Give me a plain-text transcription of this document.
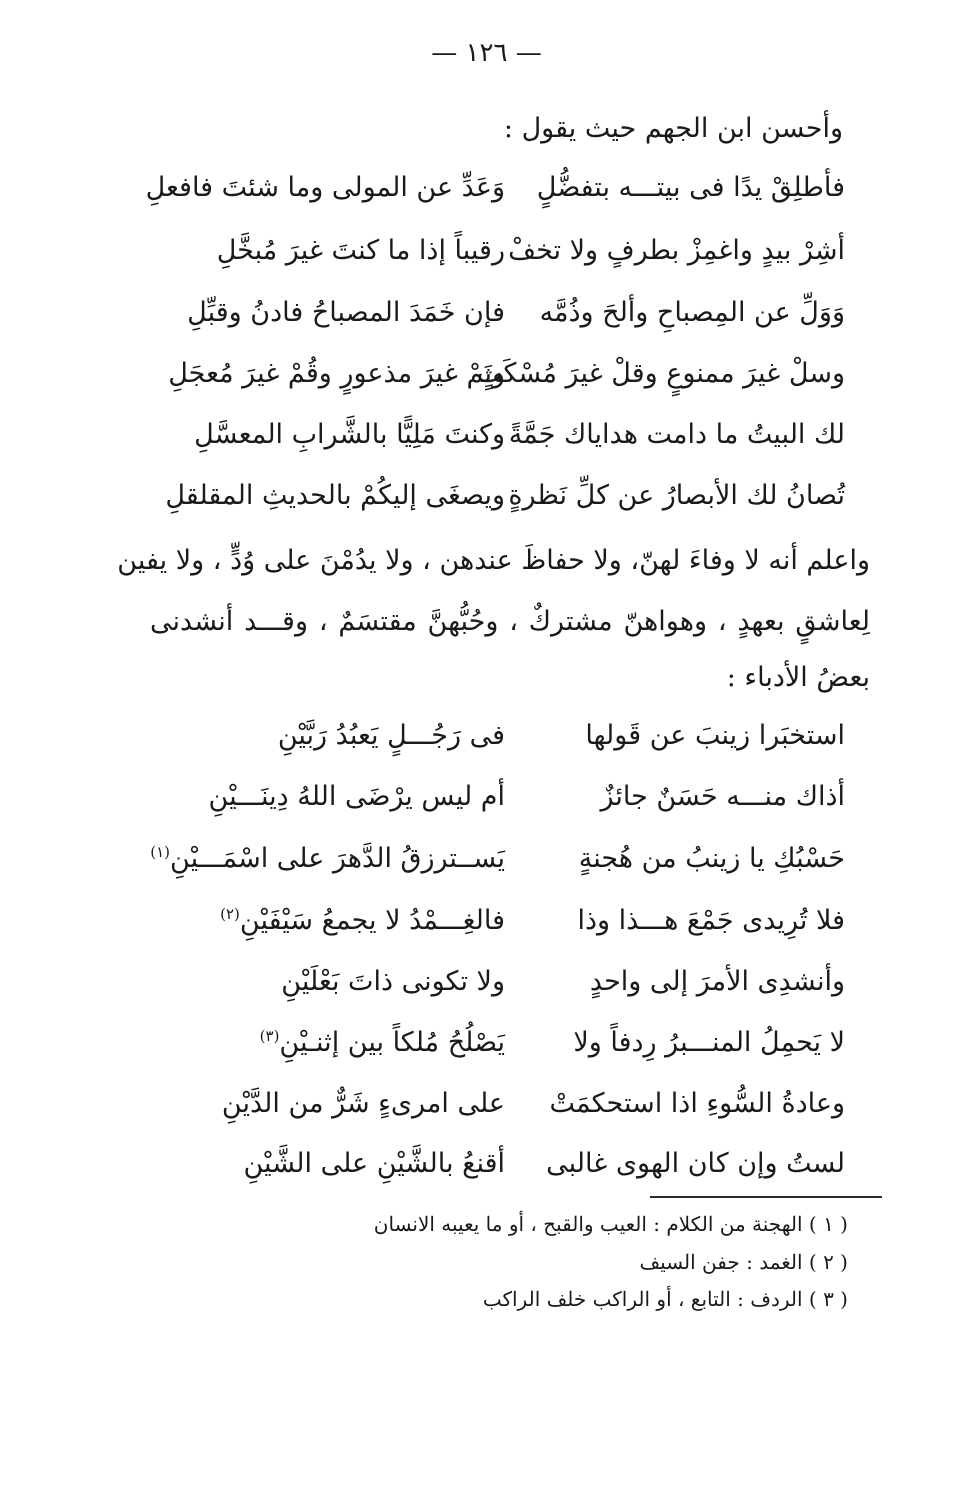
— ١٢٦ —
وأحسن ابن الجهم حيث يقول :
فأطلِقْ يدًا فى بيتـــه بتفضُّلٍ
وَعَدِّ عن المولى وما شئتَ فافعلِ
أشِرْ بيدٍ واغمِزْ بطرفٍ ولا تخفْ
رقيباً إذا ما كنتَ غيرَ مُبخَّلِ
وَوَلِّ عن المِصباحِ وألحَ وذُمَّه
فإن خَمَدَ المصباحُ فادنُ وقبِّلِ
وسلْ غيرَ ممنوعٍ وقلْ غيرَ مُسْكَتٍ
ونَمْ غيرَ مذعورٍ وقُمْ غيرَ مُعجَلِ
لك البيتُ ما دامت هداياك جَمَّةً
وكنتَ مَلِيًّا بالشَّرابِ المعسَّلِ
تُصانُ لك الأبصارُ عن كلِّ نَظرةٍ
ويصغَى إليكُمْ بالحديثِ المقلقلِ
واعلم أنه لا وفاءَ لهنّ، ولا حفاظَ عندهن ، ولا يدُمْنَ على وُدٍّ ، ولا يفين
لِعاشقٍ بعهدٍ ، وهواهنّ مشتركٌ ، وحُبُّهنَّ مقتسَمٌ ، وقـــد أنشدنى
بعضُ الأدباء :
استخبَرا زينبَ عن قَولها
فى رَجُـــلٍ يَعبُدُ رَبَّيْنِ
أذاك منـــه حَسَنٌ جائزٌ
أم ليس يرْضَى اللهُ دِينَـــيْنِ
حَسْبُكِ يا زينبُ من هُجنةٍ
يَســترزقُ الدَّهرَ على اسْمَـــيْنِ$^{(١)}$
فلا تُرِيدى جَمْعَ هـــذا وذا
فالغِـــمْدُ لا يجمعُ سَيْفَيْنِ$^{(٢)}$
وأنشدِى الأمرَ إلى واحدٍ
ولا تكونى ذاتَ بَعْلَيْنِ
لا يَحمِلُ المنـــبرُ رِدفاً ولا
يَصْلُحُ مُلكاً بين إثنـيْنِ$^{(٣)}$
وعادةُ السُّوءِ اذا استحكمَتْ
على امرىءٍ شَرٌّ من الدَّيْنِ
لستُ وإن كان الهوى غالبى
أقنعُ بالشَّيْنِ على الشَّيْنِ
( ١ ) الهجنة من الكلام : العيب والقبح ، أو ما يعيبه الانسان
( ٢ ) الغمد : جفن السيف
( ٣ ) الردف : التابع ، أو الراكب خلف الراكب
